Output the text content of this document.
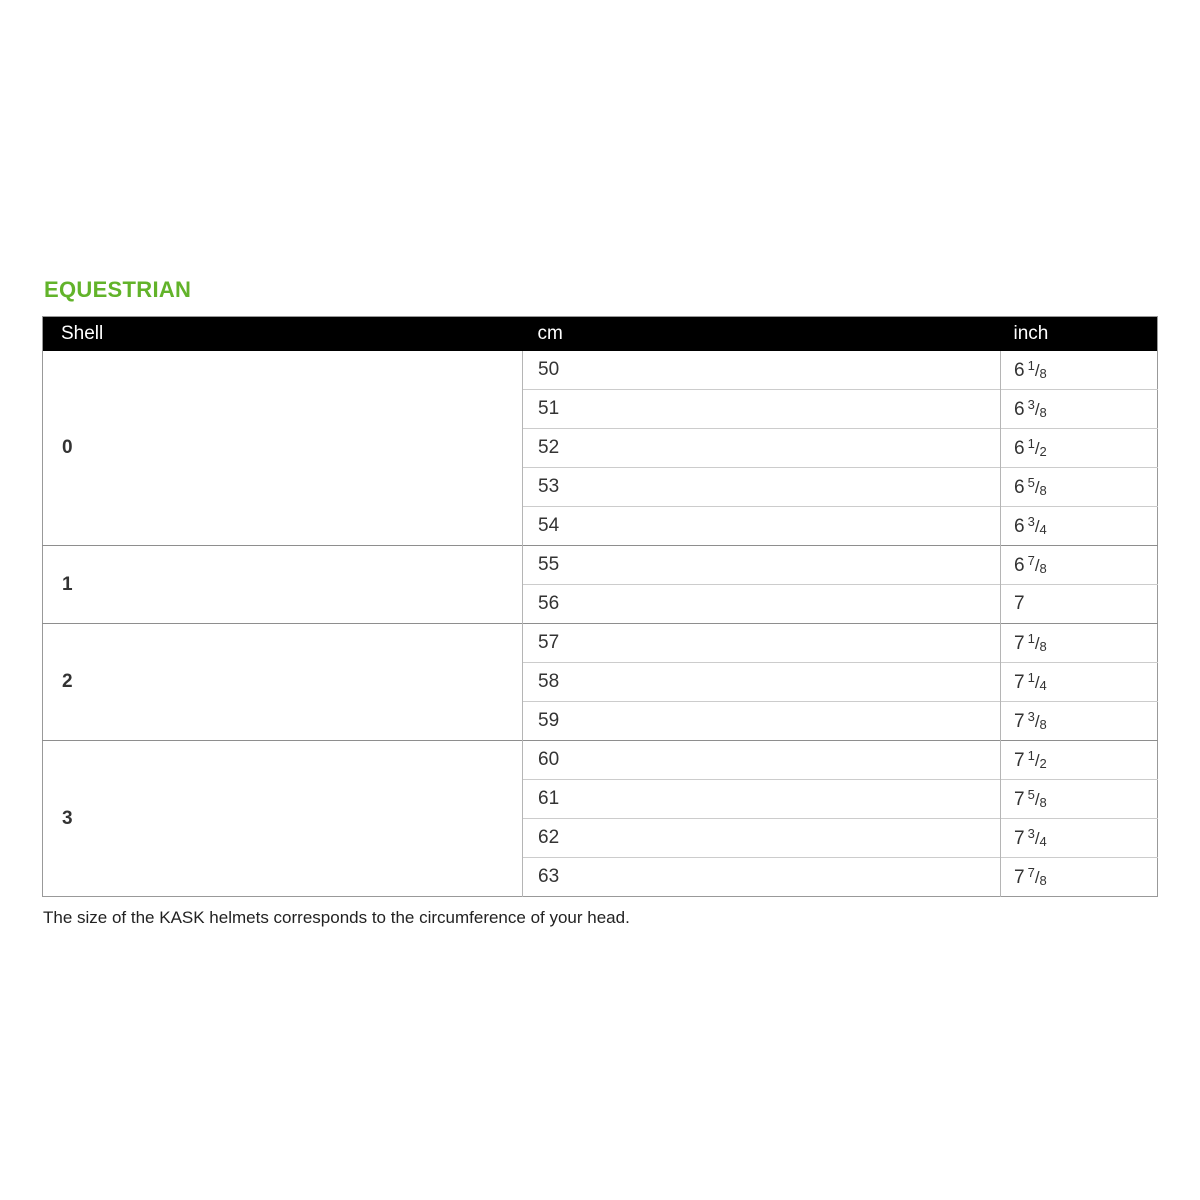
EQUESTRIAN
Shell	cm	inch
0	50	6 $^1$/8
	51	6 $^3$/8
	52	6 $^1$/2
	53	6 $^5$/8
	54	6 $^3$/4
1	55	6 $^7$/8
	56	7
2	57	7 $^1$/8
	58	7 $^1$/4
	59	7 $^3$/8
3	60	7 $^1$/2
	61	7 $^5$/8
	62	7 $^3$/4
	63	7 $^7$/8

The size of the KASK helmets corresponds to the circumference of your head.
